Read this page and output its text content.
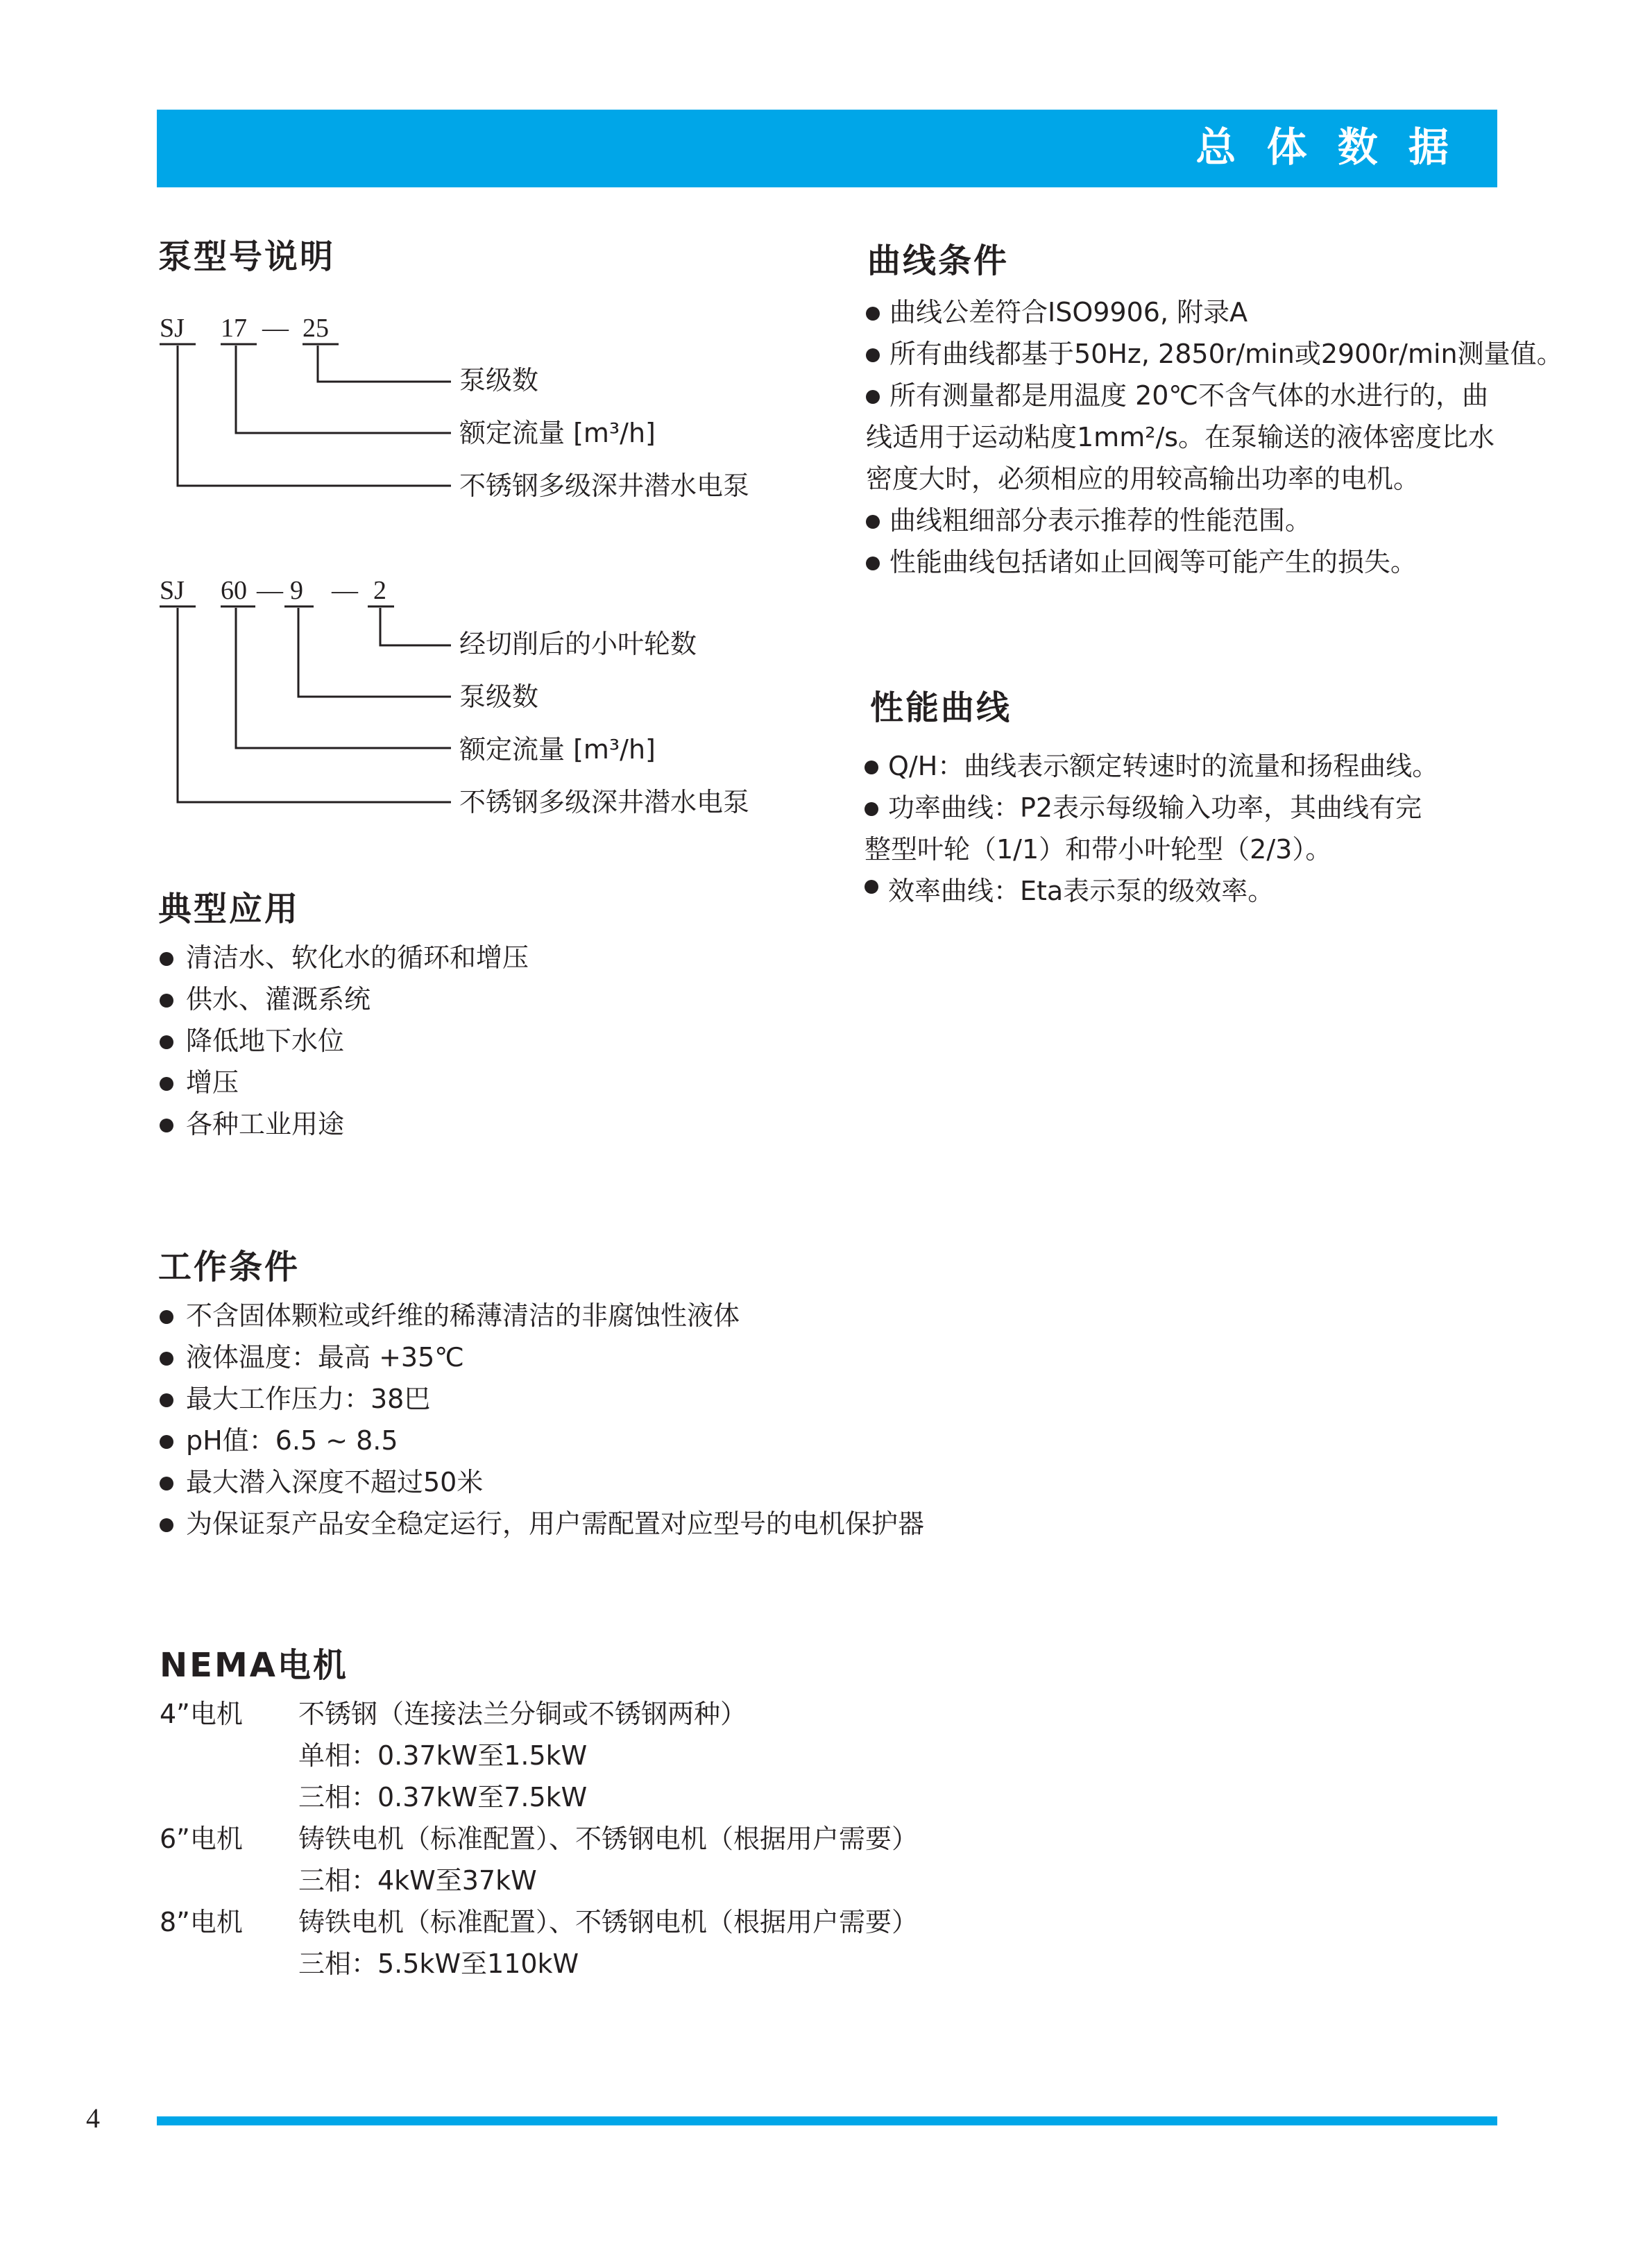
总 体 数 据
泵型号说明
SJ 17 — 25
泵级数
额定流量 [m³/h]
不锈钢多级深井潜水电泵
SJ 60 — 9 — 2
经切削后的小叶轮数
泵级数
额定流量 [m³/h]
不锈钢多级深井潜水电泵
典型应用
清洁水、软化水的循环和增压
供水、灌溉系统
降低地下水位
增压
各种工业用途
工作条件
不含固体颗粒或纤维的稀薄清洁的非腐蚀性液体
液体温度：最高 +35℃
最大工作压力：38巴
pH值：6.5 ~ 8.5
最大潜入深度不超过50米
为保证泵产品安全稳定运行，用户需配置对应型号的电机保护器
NEMA电机
4”电机 不锈钢（连接法兰分铜或不锈钢两种）
单相：0.37kW至1.5kW
三相：0.37kW至7.5kW
6”电机 铸铁电机（标准配置）、不锈钢电机（根据用户需要）
三相：4kW至37kW
8”电机 铸铁电机（标准配置）、不锈钢电机（根据用户需要）
三相：5.5kW至110kW
曲线条件
曲线公差符合ISO9906, 附录A
所有曲线都基于50Hz, 2850r/min或2900r/min测量值。
所有测量都是用温度 20℃不含气体的水进行的，曲
线适用于运动粘度1mm²/s。在泵输送的液体密度比水
密度大时，必须相应的用较高输出功率的电机。
曲线粗细部分表示推荐的性能范围。
性能曲线包括诸如止回阀等可能产生的损失。
性能曲线
Q/H：曲线表示额定转速时的流量和扬程曲线。
功率曲线：P2表示每级输入功率，其曲线有完
整型叶轮（1/1）和带小叶轮型（2/3）。
效率曲线：Eta表示泵的级效率。
4
